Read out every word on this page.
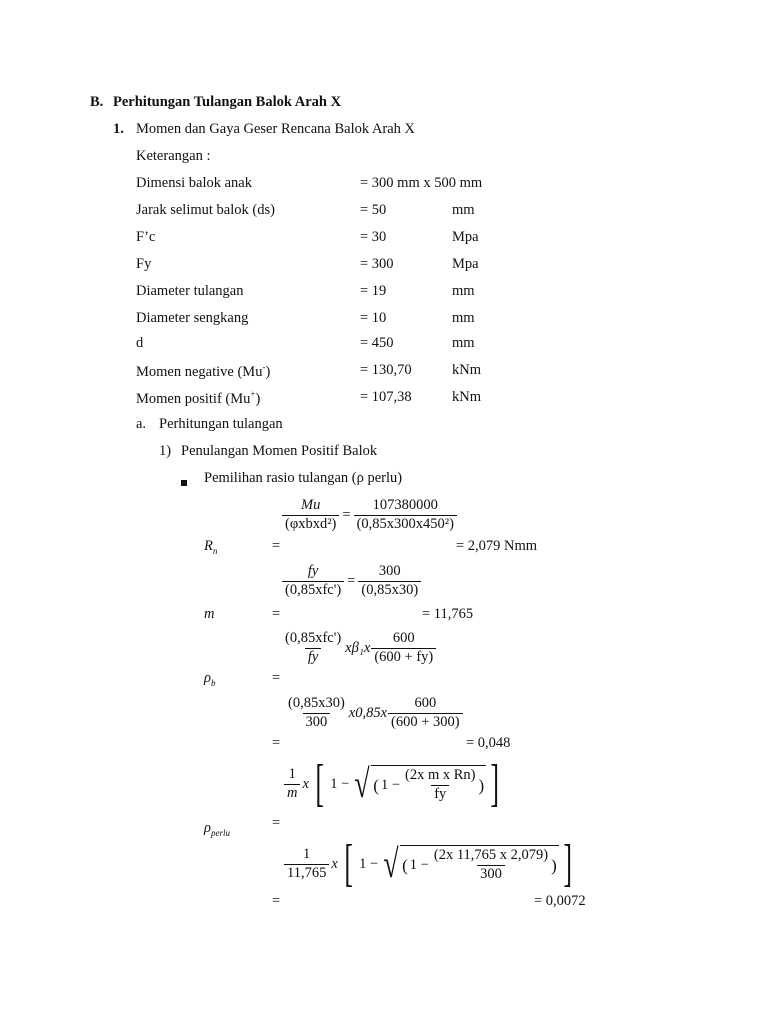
B. Perhitungan Tulangan Balok Arah X
1. Momen dan Gaya Geser Rencana Balok Arah X
Keterangan :
Dimensi balok anak	= 300 mm x 500 mm
Jarak selimut balok (ds)	= 50	mm
F’c	= 30	Mpa
Fy	= 300	Mpa
Diameter tulangan	= 19	mm
Diameter sengkang	= 10	mm
d	= 450	mm
Momen negative (Mu-)	= 130,70	kNm
Momen positif (Mu+)	= 107,38	kNm
a. Perhitungan tulangan
1) Penulangan Momen Positif Balok
Pemilihan rasio tulangan (ρ perlu)
$R_n$	=
$\frac{Mu}{\text{(φxbxd²)}} = \frac{107380000}{\text{(0,85x300x450²)}}$
= 2,079 Nmm
m	=
$\frac{fy}{\text{(0,85xfc')}} = \frac{300}{(0,85x30)}$
= 11,765
$\frac{\text{(0,85xfc')}}{fy} x\beta_1x \frac{600}{(600 + fy)}$
$\rho_b$	=
$\frac{(0,85x30)}{300} x0,85x \frac{600}{(600 + 300)}$
=	= 0,048
$\frac{1}{m}$ x [ 1 − √ ( $1 - \frac{\text{(2x m x Rn)}}{fy}$ ) ]
$\rho_{perlu}$
=
$\frac{1}{11,765}$ x [ 1 − √ ( $1 - \frac{(2x 11,765 x 2,079)}{300}$ ) ]
=	= 0,0072
